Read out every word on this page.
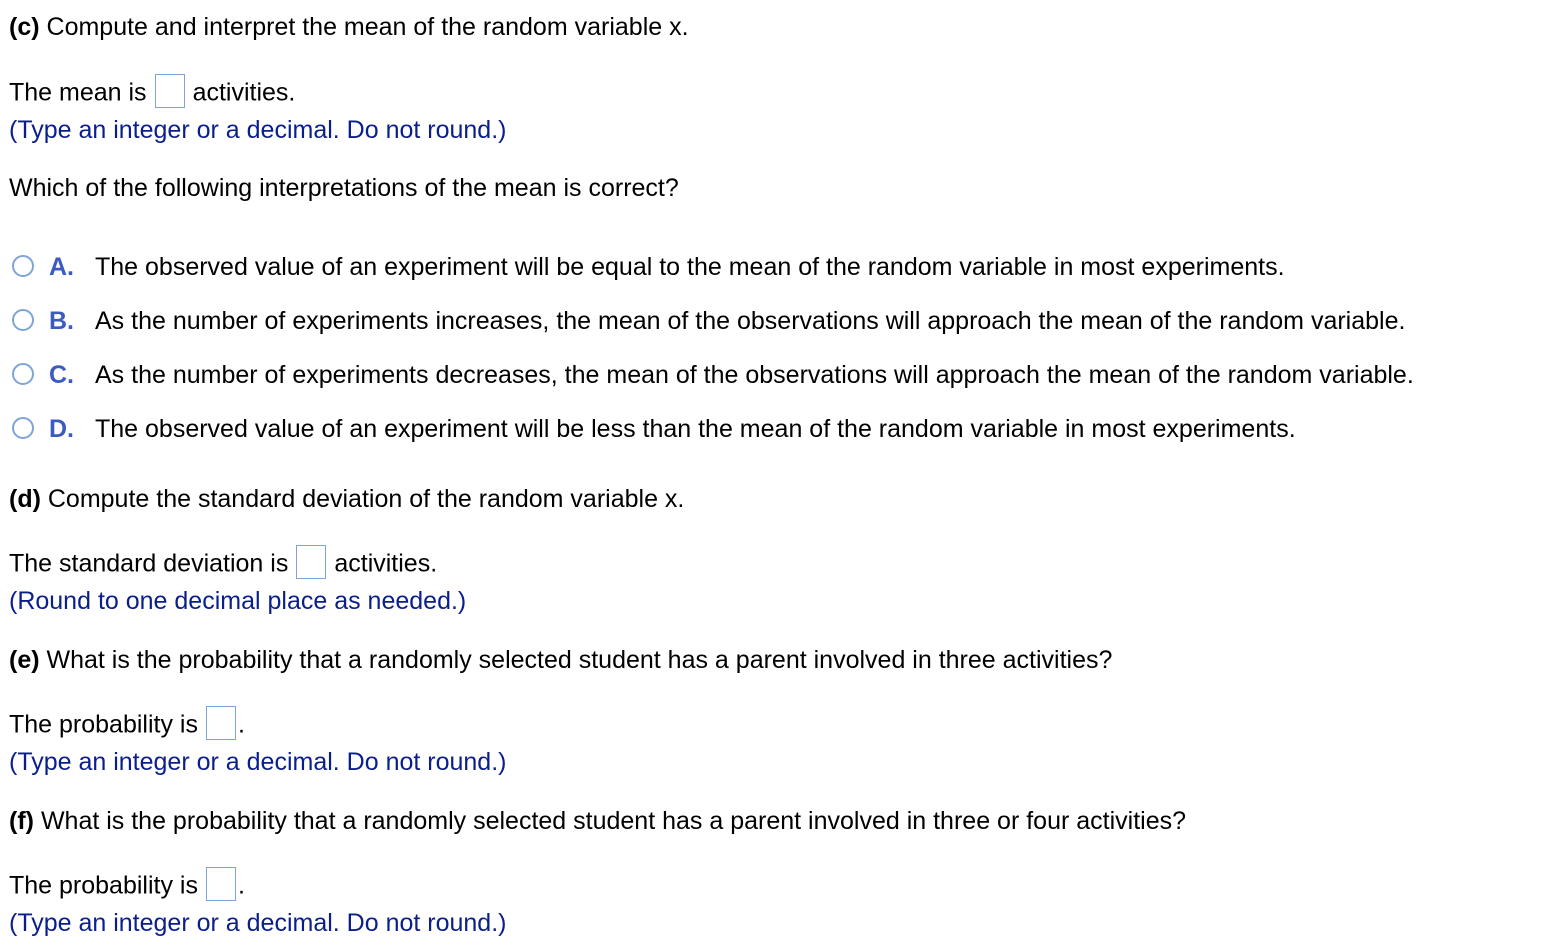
(c) Compute and interpret the mean of the random variable x.
The mean is activities.
(Type an integer or a decimal. Do not round.)
Which of the following interpretations of the mean is correct?
A. The observed value of an experiment will be equal to the mean of the random variable in most experiments.
B. As the number of experiments increases, the mean of the observations will approach the mean of the random variable.
C. As the number of experiments decreases, the mean of the observations will approach the mean of the random variable.
D. The observed value of an experiment will be less than the mean of the random variable in most experiments.
(d) Compute the standard deviation of the random variable x.
The standard deviation is activities.
(Round to one decimal place as needed.)
(e) What is the probability that a randomly selected student has a parent involved in three activities?
The probability is .
(Type an integer or a decimal. Do not round.)
(f) What is the probability that a randomly selected student has a parent involved in three or four activities?
The probability is .
(Type an integer or a decimal. Do not round.)
